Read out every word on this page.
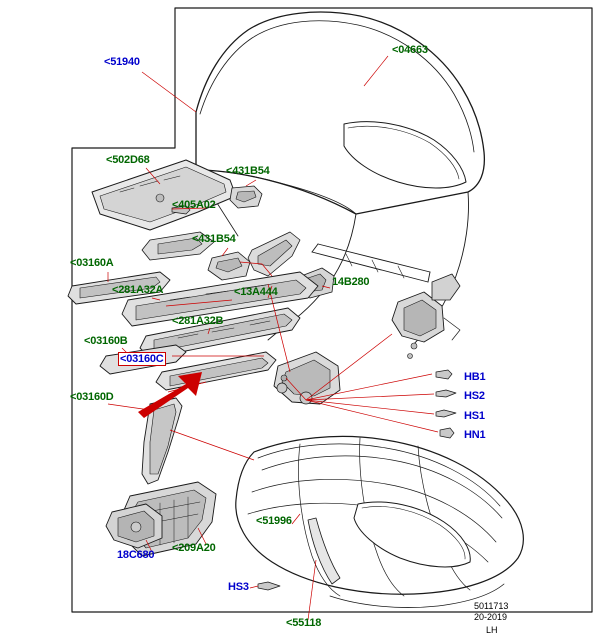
<51940
<04663
<502D68
<431B54
<405A02
<431B54
<03160A
<281A32A	<13A444
14B280
<281A32B
<03160B
<03160C
<03160D
HB1
HS2
HS1
HN1
<51996
18C680
<209A20
HS3
<55118
5011713
20-2019
LH
